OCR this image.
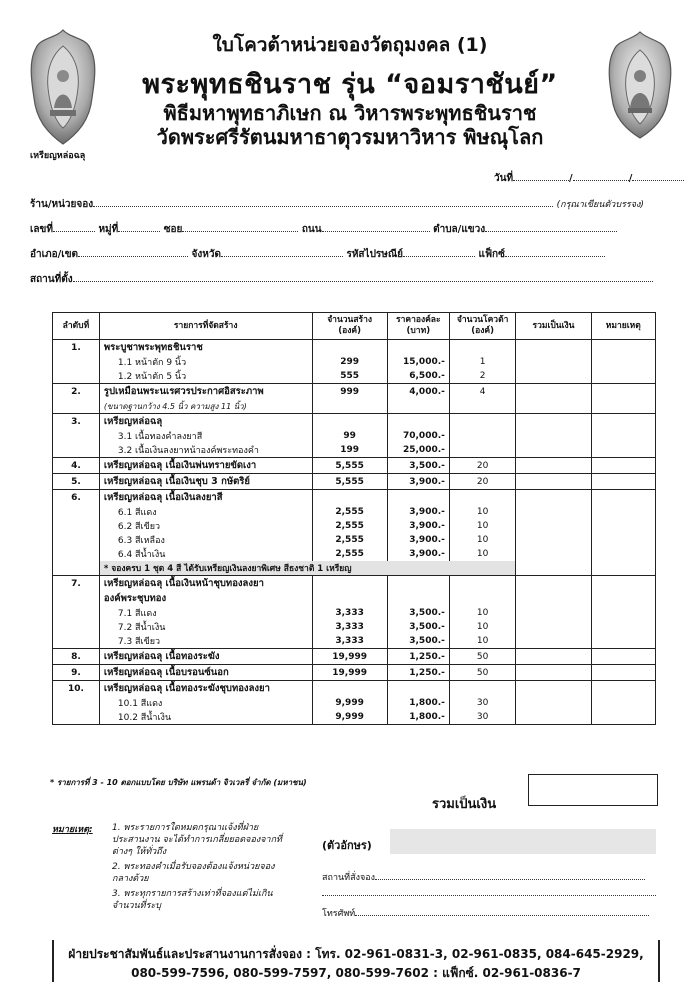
ใบโควต้าหน่วยจองวัตถุมงคล (1)
พระพุทธชินราช รุ่น “จอมราชันย์”
พิธีมหาพุทธาภิเษก ณ วิหารพระพุทธชินราช
วัดพระศรีรัตนมหาธาตุวรมหาวิหาร พิษณุโลก
เหรียญหล่อฉลุ
วันที่	/	/
ร้าน/หน่วยจอง	(กรุณาเขียนตัวบรรจง)
เลขที่	หมู่ที่	ซอย	ถนน	ตำบล/แขวง
อำเภอ/เขต	จังหวัด	รหัสไปรษณีย์	แฟ็กซ์
สถานที่ตั้ง
ลำดับที่	รายการที่จัดสร้าง	จำนวนสร้าง (องค์)	ราคาองค์ละ (บาท)	จำนวนโควต้า (องค์)	รวมเป็นเงิน	หมายเหตุ
1.	พระบูชาพระพุทธชินราช					
	1.1 หน้าตัก 9 นิ้ว	299	15,000.-	1		
	1.2 หน้าตัก 5 นิ้ว	555	6,500.-	2		
2.	รูปเหมือนพระนเรศวรประกาศอิสระภาพ	999	4,000.-	4		
	(ขนาดฐานกว้าง 4.5 นิ้ว ความสูง 11 นิ้ว)					
3.	เหรียญหล่อฉลุ					
	3.1 เนื้อทองคำลงยาสี	99	70,000.-			
	3.2 เนื้อเงินลงยาหน้าองค์พระทองคำ	199	25,000.-			
4.	เหรียญหล่อฉลุ เนื้อเงินพ่นทรายขัดเงา	5,555	3,500.-	20		
5.	เหรียญหล่อฉลุ เนื้อเงินชุบ 3 กษัตริย์	5,555	3,900.-	20		
6.	เหรียญหล่อฉลุ เนื้อเงินลงยาสี					
	6.1 สีแดง	2,555	3,900.-	10		
	6.2 สีเขียว	2,555	3,900.-	10		
	6.3 สีเหลือง	2,555	3,900.-	10		
	6.4 สีน้ำเงิน	2,555	3,900.-	10		
	* จองครบ 1 ชุด 4 สี ได้รับเหรียญเงินลงยาพิเศษ สีธงชาติ 1 เหรียญ					
7.	เหรียญหล่อฉลุ เนื้อเงินหน้าชุบทองลงยา					
	องค์พระชุบทอง					
	7.1 สีแดง	3,333	3,500.-	10		
	7.2 สีน้ำเงิน	3,333	3,500.-	10		
	7.3 สีเขียว	3,333	3,500.-	10		
8.	เหรียญหล่อฉลุ เนื้อทองระฆัง	19,999	1,250.-	50		
9.	เหรียญหล่อฉลุ เนื้อบรอนซ์นอก	19,999	1,250.-	50		
10.	เหรียญหล่อฉลุ เนื้อทองระฆังชุบทองลงยา					
	10.1 สีแดง	9,999	1,800.-	30		
	10.2 สีน้ำเงิน	9,999	1,800.-	30		
* รายการที่ 3 - 10 ตอกแบบโดย บริษัท แพรนด้า จิวเวลรี่ จำกัด (มหาชน)
รวมเป็นเงิน
หมายเหตุ: 1. พระรายการใดหมดกรุณาแจ้งที่ฝ่ายประสานงาน จะได้ทำการเกลี่ยยอดจองจากที่ต่างๆ ให้ทั่วถึง
2. พระทองคำเมื่อรับจองต้องแจ้งหน่วยจองกลางด้วย
3. พระทุกรายการสร้างเท่าที่จองแต่ไม่เกินจำนวนที่ระบุ
(ตัวอักษร)
สถานที่สั่งจอง
โทรศัพท์
ฝ่ายประชาสัมพันธ์และประสานงานการสั่งจอง : โทร. 02-961-0831-3, 02-961-0835, 084-645-2929,
080-599-7596, 080-599-7597, 080-599-7602 : แฟ็กซ์. 02-961-0836-7
